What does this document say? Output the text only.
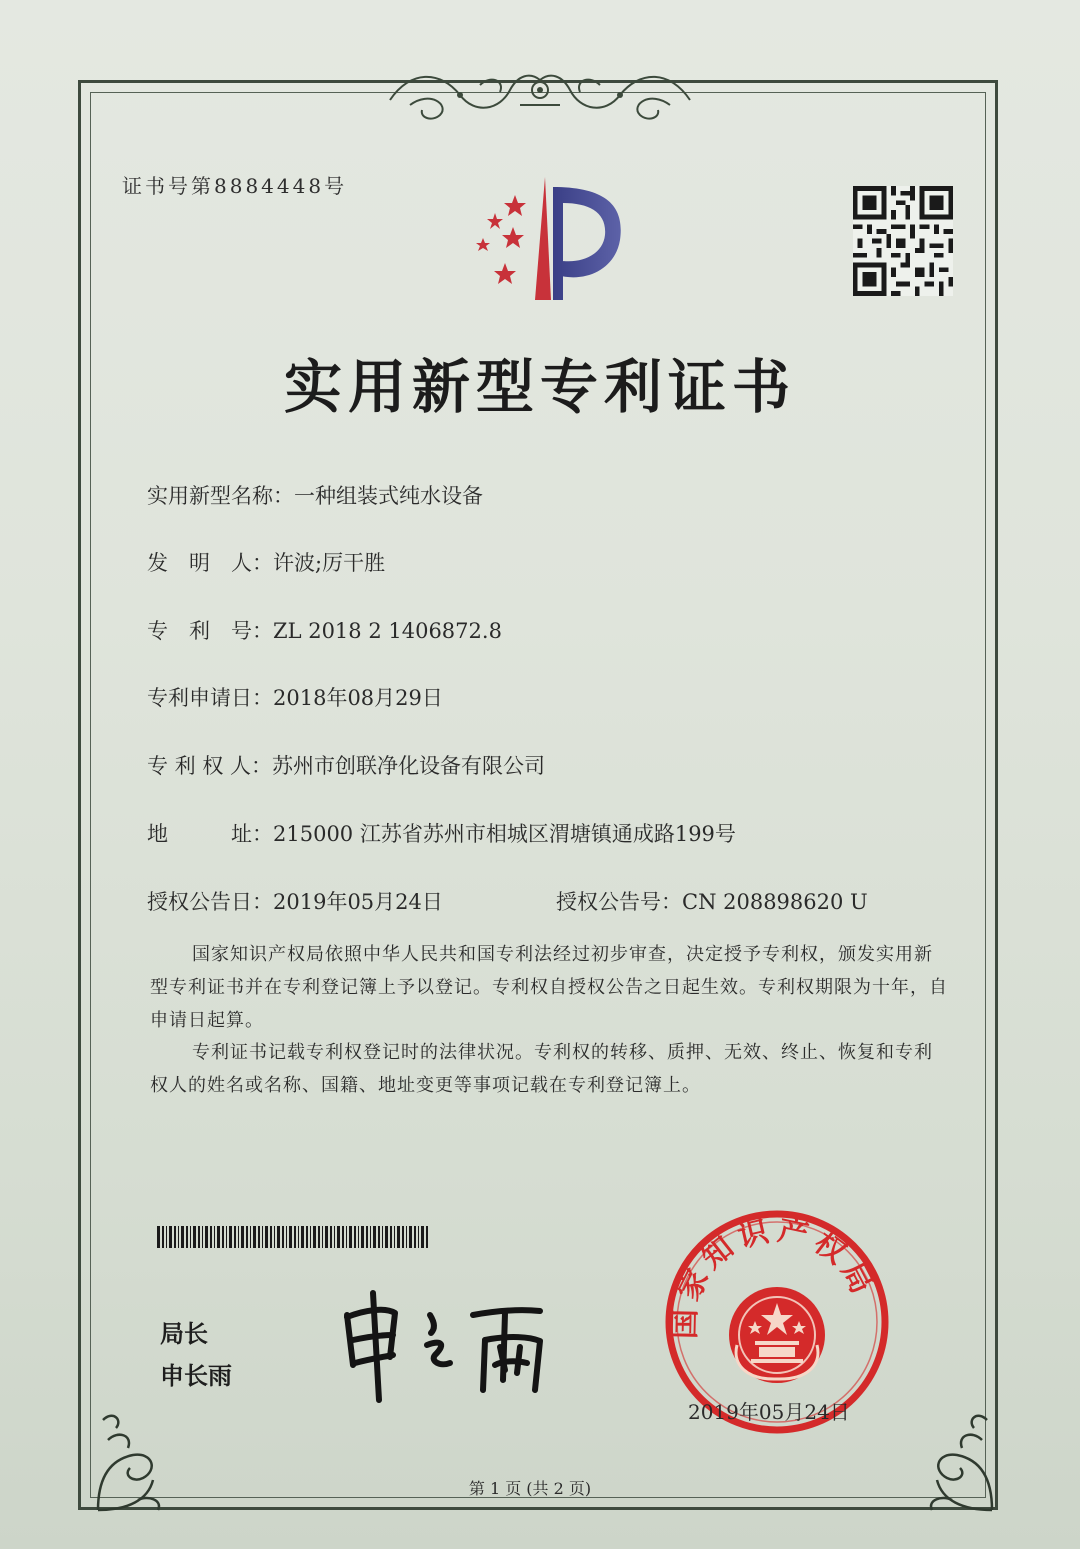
证书号第8884448号
实用新型专利证书
实用新型名称：一种组装式纯水设备
发　明　人：许波;厉干胜
专　利　号：ZL 2018 2 1406872.8
专利申请日：2018年08月29日
专 利 权 人：苏州市创联净化设备有限公司
地　　　址：215000 江苏省苏州市相城区渭塘镇通成路199号
授权公告日：2019年05月24日	授权公告号：CN 208898620 U
国家知识产权局依照中华人民共和国专利法经过初步审查，决定授予专利权，颁发实用新型专利证书并在专利登记簿上予以登记。专利权自授权公告之日起生效。专利权期限为十年，自申请日起算。
专利证书记载专利权登记时的法律状况。专利权的转移、质押、无效、终止、恢复和专利权人的姓名或名称、国籍、地址变更等事项记载在专利登记簿上。
局长
申长雨
国家知识产权局
2019年05月24日
第 1 页 (共 2 页)
